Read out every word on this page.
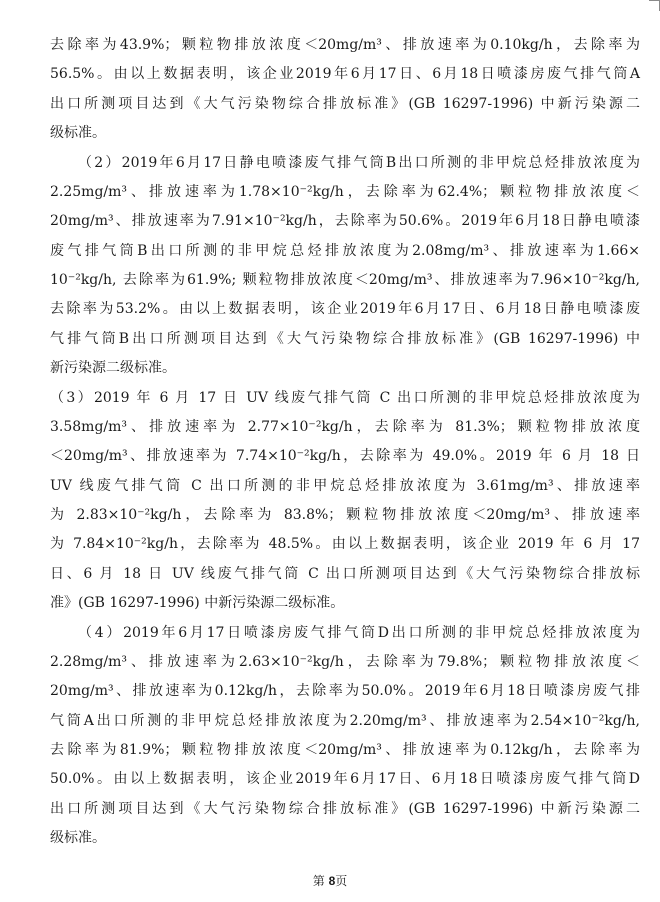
去除率为43.9%；颗粒物排放浓度＜20mg/m³、排放速率为0.10kg/h，去除率为
56.5%。由以上数据表明，该企业2019年6月17日、6月18日喷漆房废气排气筒A
出口所测项目达到《大气污染物综合排放标准》(GB 16297-1996) 中新污染源二
级标准。
（2）2019年6月17日静电喷漆废气排气筒B出口所测的非甲烷总烃排放浓度为
2.25mg/m³、排放速率为1.78×10⁻²kg/h，去除率为62.4%；颗粒物排放浓度＜
20mg/m³、排放速率为7.91×10⁻²kg/h，去除率为50.6%。2019年6月18日静电喷漆
废气排气筒B出口所测的非甲烷总烃排放浓度为2.08mg/m³、排放速率为1.66×
10⁻²kg/h, 去除率为61.9%; 颗粒物排放浓度＜20mg/m³、排放速率为7.96×10⁻²kg/h,
去除率为53.2%。由以上数据表明，该企业2019年6月17日、6月18日静电喷漆废
气排气筒B出口所测项目达到《大气污染物综合排放标准》(GB 16297-1996) 中
新污染源二级标准。
（3）2019 年 6 月 17 日 UV 线废气排气筒 C 出口所测的非甲烷总烃排放浓度为
3.58mg/m³、排放速率为 2.77×10⁻²kg/h，去除率为 81.3%；颗粒物排放浓度
＜20mg/m³、排放速率为 7.74×10⁻²kg/h，去除率为 49.0%。2019 年 6 月 18 日
UV 线废气排气筒 C 出口所测的非甲烷总烃排放浓度为 3.61mg/m³、排放速率
为 2.83×10⁻²kg/h，去除率为 83.8%；颗粒物排放浓度＜20mg/m³、排放速率
为 7.84×10⁻²kg/h，去除率为 48.5%。由以上数据表明，该企业 2019 年 6 月 17
日、6 月 18 日 UV 线废气排气筒 C 出口所测项目达到《大气污染物综合排放标
准》(GB 16297-1996) 中新污染源二级标准。
（4）2019年6月17日喷漆房废气排气筒D出口所测的非甲烷总烃排放浓度为
2.28mg/m³、排放速率为2.63×10⁻²kg/h，去除率为79.8%；颗粒物排放浓度＜
20mg/m³、排放速率为0.12kg/h，去除率为50.0%。2019年6月18日喷漆房废气排
气筒A出口所测的非甲烷总烃排放浓度为2.20mg/m³、排放速率为2.54×10⁻²kg/h,
去除率为81.9%；颗粒物排放浓度＜20mg/m³、排放速率为0.12kg/h，去除率为
50.0%。由以上数据表明，该企业2019年6月17日、6月18日喷漆房废气排气筒D
出口所测项目达到《大气污染物综合排放标准》(GB 16297-1996) 中新污染源二
级标准。
第 8页
